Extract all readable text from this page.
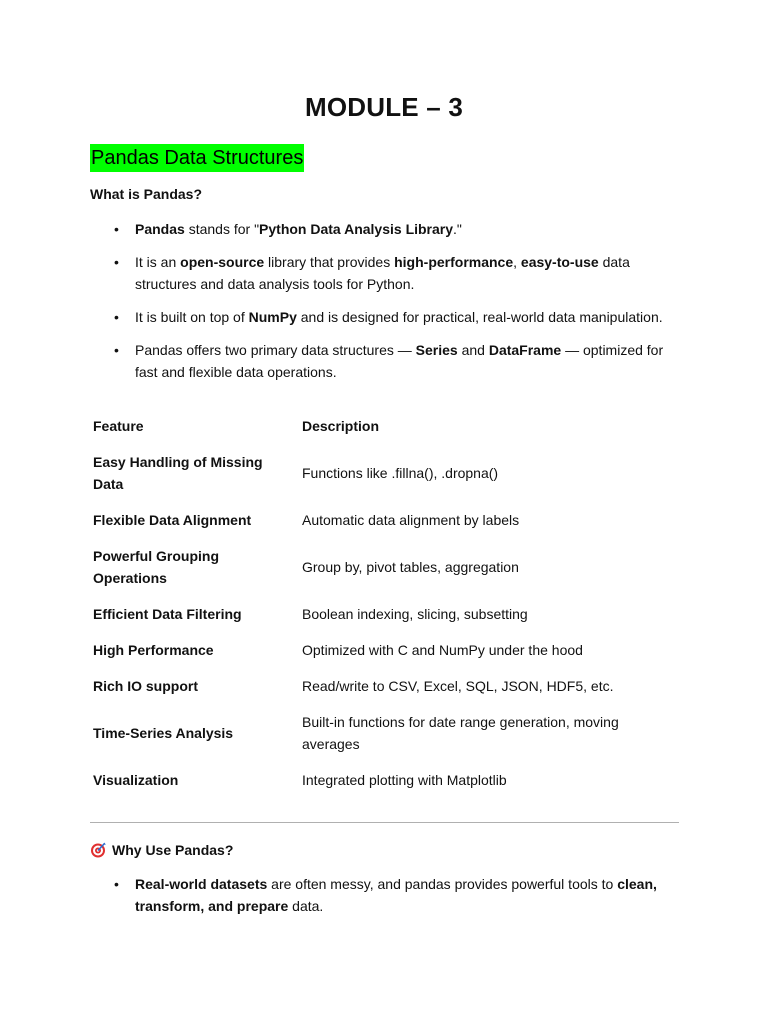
MODULE – 3
Pandas Data Structures
What is Pandas?
• Pandas stands for "Python Data Analysis Library."
• It is an open-source library that provides high-performance, easy-to-use data structures and data analysis tools for Python.
• It is built on top of NumPy and is designed for practical, real-world data manipulation.
• Pandas offers two primary data structures — Series and DataFrame — optimized for fast and flexible data operations.
Feature	Description
Easy Handling of Missing Data	Functions like .fillna(), .dropna()
Flexible Data Alignment	Automatic data alignment by labels
Powerful Grouping Operations	Group by, pivot tables, aggregation
Efficient Data Filtering	Boolean indexing, slicing, subsetting
High Performance	Optimized with C and NumPy under the hood
Rich IO support	Read/write to CSV, Excel, SQL, JSON, HDF5, etc.
Time-Series Analysis	Built-in functions for date range generation, moving averages
Visualization	Integrated plotting with Matplotlib
Why Use Pandas?
• Real-world datasets are often messy, and pandas provides powerful tools to clean, transform, and prepare data.
